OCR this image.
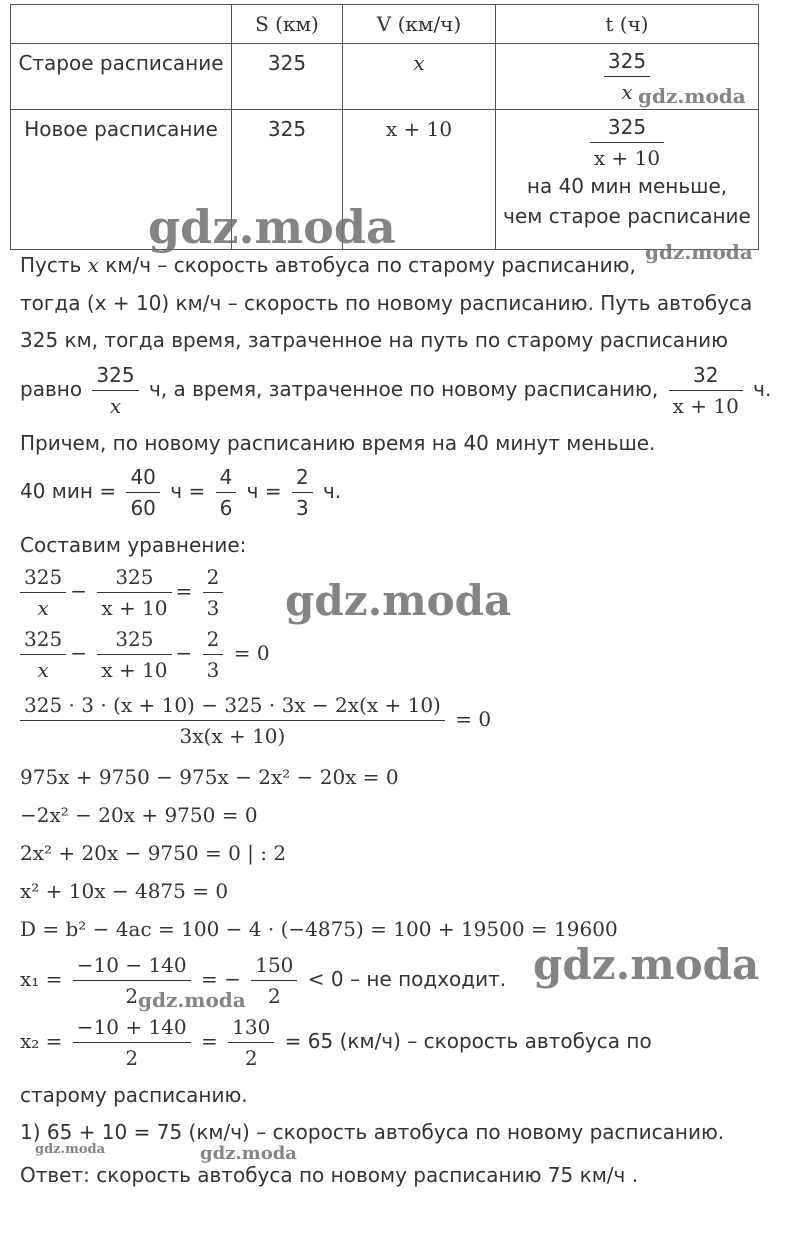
	S (км)	V (км/ч)	t (ч)
Старое расписание	325	x	$\frac{325}{x}$

Новое расписание	325	x + 10	$\frac{325}{x + 10}$
на 40 мин меньше,
чем старое расписание
Пусть x км/ч – скорость автобуса по старому расписанию,
тогда (x + 10) км/ч – скорость по новому расписанию. Путь автобуса
325 км, тогда время, затраченное на путь по старому расписанию
равно $\frac{325}{x} ч$, а время, затраченное по новому расписанию, $\frac{32}{x + 10} ч$.
Причем, по новому расписанию время на 40 минут меньше.
40 мин = $\frac{40}{60}$ $ч = \frac{4}{6}$ $ч = \frac{2}{3} ч$.
Составим уравнение:
$\frac{325}{x} - \frac{325}{x + 10} = \frac{2}{3}$
$\frac{325}{x} - \frac{325}{x + 10} - \frac{2}{3} = 0$
$\frac{325 \cdot 3 \cdot (x + 10) - 325 \cdot 3x - 2x(x + 10)}{3x(x + 10)} = 0$
975x + 9750 − 975x − 2x² − 20x = 0
−2x² − 20x + 9750 = 0
2x² + 20x − 9750 = 0 | : 2
x² + 10x − 4875 = 0
D = b² − 4ac = 100 − 4 · (−4875) = 100 + 19500 = 19600
$x_1 = \frac{-10 - 140}{2}$ = − $\frac{150}{2} < 0$ – не подходит.
$x_2 = \frac{-10 + 140}{2} = \frac{130}{2} = 65$ (км/ч) – скорость автобуса по
старому расписанию.
1) 65 + 10 = 75 (км/ч) – скорость автобуса по новому расписанию.
Ответ: скорость автобуса по новому расписанию 75 км/ч .
gdz.moda
gdz.moda
gdz.moda
gdz.moda
gdz.moda
gdz.moda
gdz.moda	gdz.moda
